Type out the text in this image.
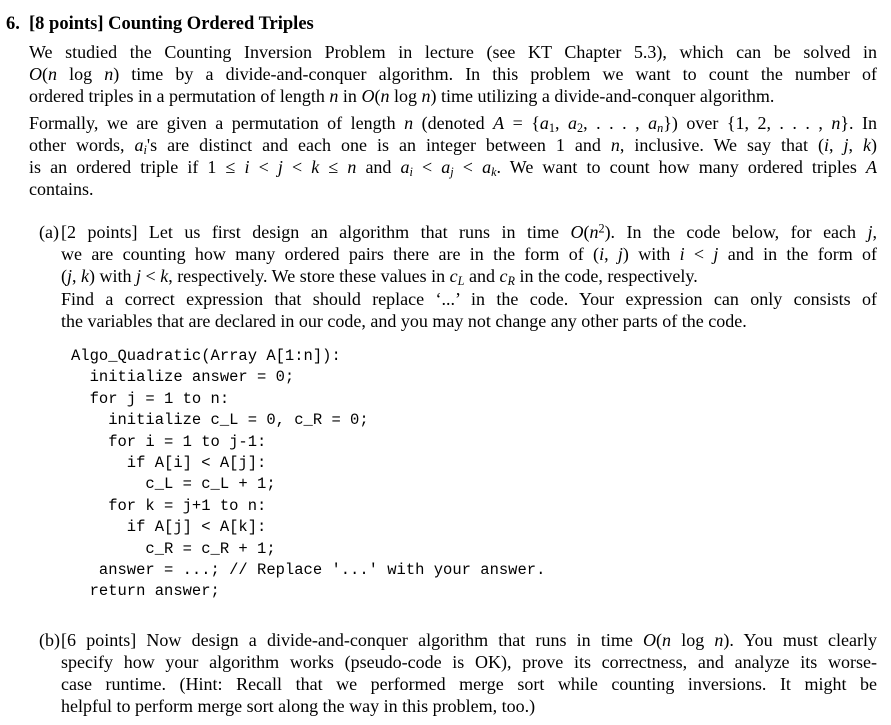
6. [8 points] Counting Ordered Triples
We studied the Counting Inversion Problem in lecture (see KT Chapter 5.3), which can be solved in
O(n log n) time by a divide-and-conquer algorithm. In this problem we want to count the number of
ordered triples in a permutation of length n in O(n log n) time utilizing a divide-and-conquer algorithm.
Formally, we are given a permutation of length n (denoted $A = \{a_1$, $a_2$, . . . , $a_n$}) over {1, 2, . . . , n}. In
other words, $a_i's$ are distinct and each one is an integer between 1 and n, inclusive. We say that (i, j, k)
is an ordered triple if 1 ≤ i < j < k ≤ n and $a_i < a_j < a_k$. We want to count how many ordered triples A
contains.
(a) [2 points] Let us first design an algorithm that runs in time $O(n^2)$. In the code below, for each j,
we are counting how many ordered pairs there are in the form of (i, j) with i < j and in the form of
(j, k) with j < k, respectively. We store these values in $c_L$ and $c_R$ in the code, respectively.
Find a correct expression that should replace ‘...’ in the code. Your expression can only consists of
the variables that are declared in our code, and you may not change any other parts of the code.
Algo_Quadratic(Array A[1:n]):
initialize answer = 0;
for j = 1 to n:
initialize c_L = 0, c_R = 0;
for i = 1 to j-1:
if A[i] < A[j]:
c_L = c_L + 1;
for k = j+1 to n:
if A[j] < A[k]:
c_R = c_R + 1;
answer = ...; // Replace '...' with your answer.
return answer;
(b) [6 points] Now design a divide-and-conquer algorithm that runs in time O(n log n). You must clearly
specify how your algorithm works (pseudo-code is OK), prove its correctness, and analyze its worse-
case runtime. (Hint: Recall that we performed merge sort while counting inversions. It might be
helpful to perform merge sort along the way in this problem, too.)
